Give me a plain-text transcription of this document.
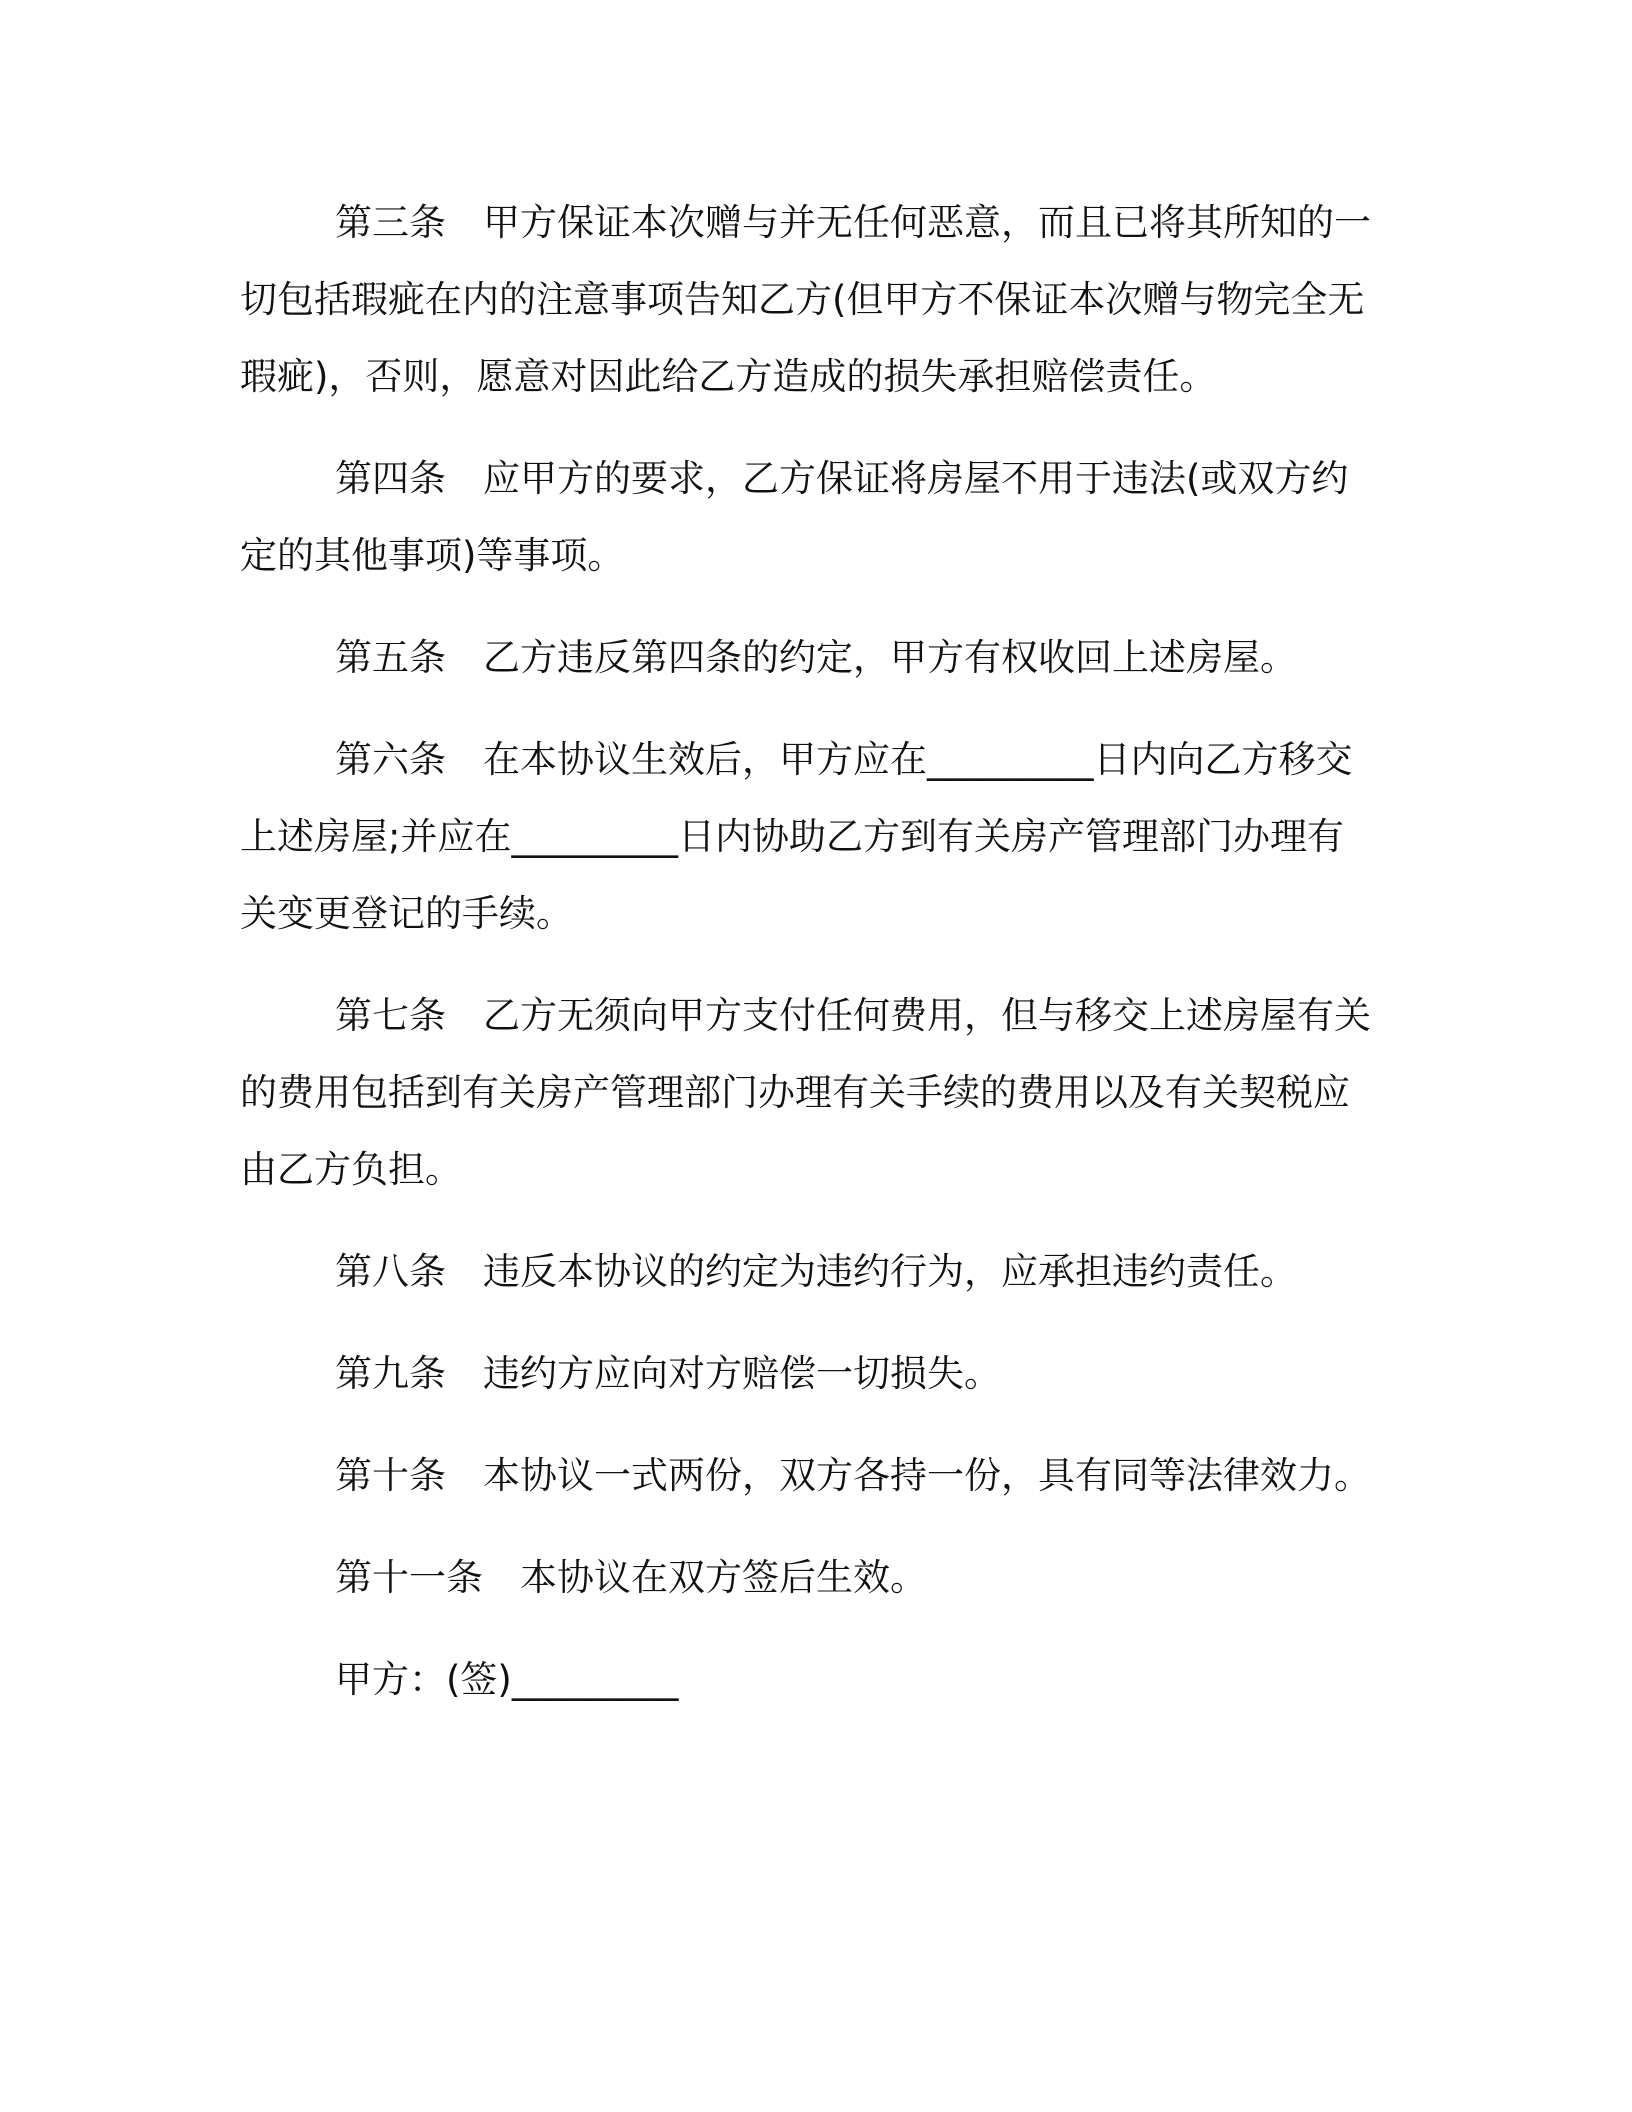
第三条 甲方保证本次赠与并无任何恶意，而且已将其所知的一切包括瑕疵在内的注意事项告知乙方(但甲方不保证本次赠与物完全无瑕疵)，否则，愿意对因此给乙方造成的损失承担赔偿责任。

第四条 应甲方的要求，乙方保证将房屋不用于违法(或双方约定的其他事项)等事项。

第五条 乙方违反第四条的约定，甲方有权收回上述房屋。

第六条 在本协议生效后，甲方应在_________日内向乙方移交上述房屋;并应在_________日内协助乙方到有关房产管理部门办理有关变更登记的手续。

第七条 乙方无须向甲方支付任何费用，但与移交上述房屋有关的费用包括到有关房产管理部门办理有关手续的费用以及有关契税应由乙方负担。

第八条 违反本协议的约定为违约行为，应承担违约责任。

第九条 违约方应向对方赔偿一切损失。

第十条 本协议一式两份，双方各持一份，具有同等法律效力。

第十一条 本协议在双方签后生效。

甲方：(签)_________
